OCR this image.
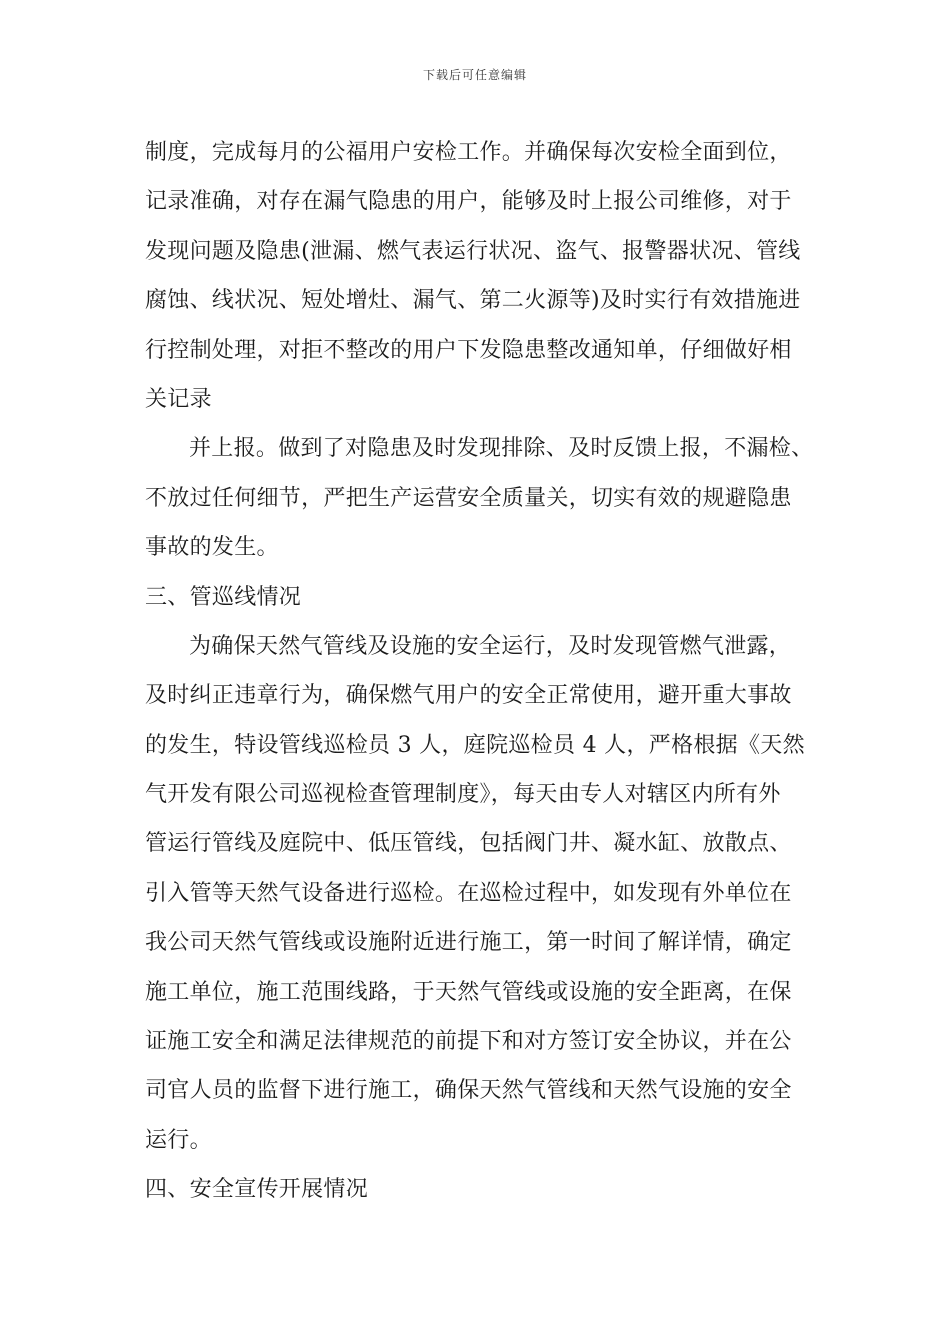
下载后可任意编辑
制度，完成每月的公福用户安检工作。并确保每次安检全面到位，
记录准确，对存在漏气隐患的用户，能够及时上报公司维修，对于
发现问题及隐患(泄漏、燃气表运行状况、盗气、报警器状况、管线
腐蚀、线状况、短处增灶、漏气、第二火源等)及时实行有效措施进
行控制处理，对拒不整改的用户下发隐患整改通知单，仔细做好相
关记录
并上报。做到了对隐患及时发现排除、及时反馈上报，不漏检、
不放过任何细节，严把生产运营安全质量关，切实有效的规避隐患
事故的发生。
三、管巡线情况
为确保天然气管线及设施的安全运行，及时发现管燃气泄露，
及时纠正违章行为，确保燃气用户的安全正常使用，避开重大事故
的发生，特设管线巡检员 3 人，庭院巡检员 4 人，严格根据《天然
气开发有限公司巡视检查管理制度》，每天由专人对辖区内所有外
管运行管线及庭院中、低压管线，包括阀门井、凝水缸、放散点、
引入管等天然气设备进行巡检。在巡检过程中，如发现有外单位在
我公司天然气管线或设施附近进行施工，第一时间了解详情，确定
施工单位，施工范围线路，于天然气管线或设施的安全距离，在保
证施工安全和满足法律规范的前提下和对方签订安全协议，并在公
司官人员的监督下进行施工，确保天然气管线和天然气设施的安全
运行。
四、安全宣传开展情况
